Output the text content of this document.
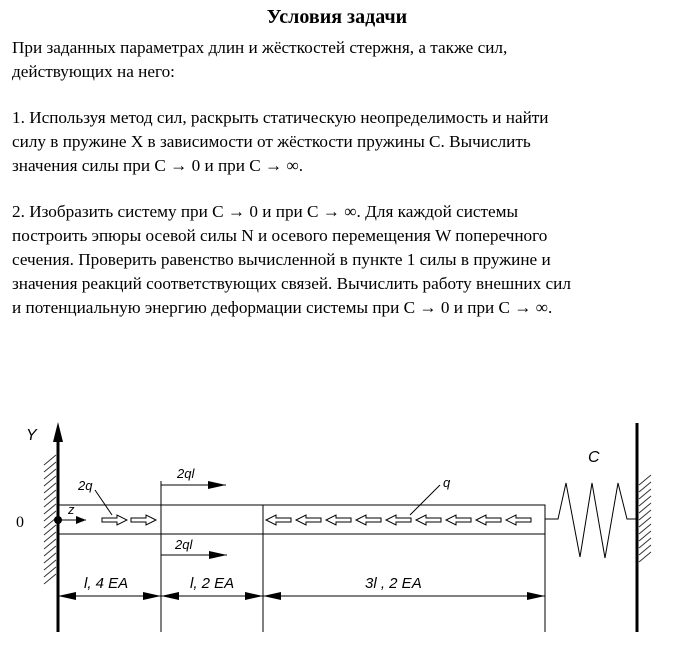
Условия задачи
При заданных параметрах длин и жёсткостей стержня, а также сил,
действующих на него:
1. Используя метод сил, раскрыть статическую неопределимость и найти
силу в пружине X в зависимости от жёсткости пружины C. Вычислить
значения силы при C → 0 и при C → ∞.
2. Изобразить систему при C → 0 и при C → ∞. Для каждой системы
построить эпюры осевой силы N и осевого перемещения W поперечного
сечения. Проверить равенство вычисленной в пункте 1 силы в пружине и
значения реакций соответствующих связей. Вычислить работу внешних сил
и потенциальную энергию деформации системы при C → 0 и при C → ∞.
z
Y
0
2q	q
2ql
2ql
C
l, 4 EA	l, 2 EA	3l , 2 EA
